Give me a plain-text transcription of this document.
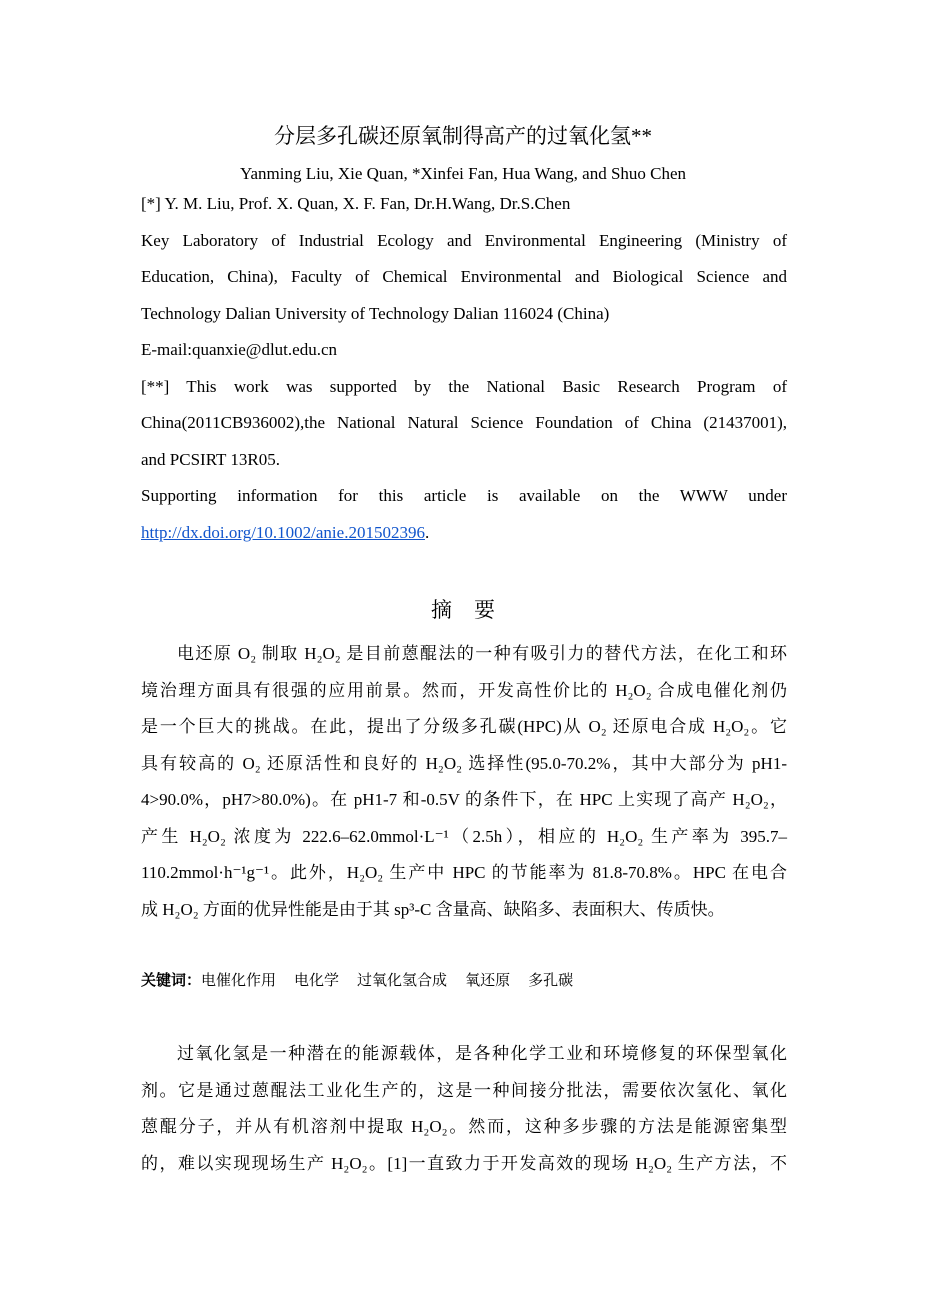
分层多孔碳还原氧制得高产的过氧化氢**
Yanming Liu, Xie Quan, *Xinfei Fan, Hua Wang, and Shuo Chen
[*] Y. M. Liu, Prof. X. Quan, X. F. Fan, Dr.H.Wang, Dr.S.Chen
Key Laboratory of Industrial Ecology and Environmental Engineering (Ministry of
Education, China), Faculty of Chemical Environmental and Biological Science and
Technology Dalian University of Technology Dalian 116024 (China)
E-mail:quanxie@dlut.edu.cn
[**] This work was supported by the National Basic Research Program of
China(2011CB936002),the National Natural Science Foundation of China (21437001),
and PCSIRT 13R05.
Supporting information for this article is available on the WWW under
http://dx.doi.org/10.1002/anie.201502396.
摘要
电还原 O₂ 制取 H₂O₂ 是目前蒽醌法的一种有吸引力的替代方法，在化工和环
境治理方面具有很强的应用前景。然而，开发高性价比的 H₂O₂ 合成电催化剂仍
是一个巨大的挑战。在此，提出了分级多孔碳(HPC)从 O₂ 还原电合成 H₂O₂。它
具有较高的 O₂ 还原活性和良好的 H₂O₂ 选择性(95.0-70.2%，其中大部分为 pH1-
4>90.0%，pH7>80.0%)。在 pH1-7 和-0.5V 的条件下，在 HPC 上实现了高产 H₂O₂，
产生 H₂O₂ 浓度为 222.6–62.0mmol·L⁻¹（2.5h），相应的 H₂O₂ 生产率为 395.7–
110.2mmol·h⁻¹g⁻¹。此外，H₂O₂ 生产中 HPC 的节能率为 81.8-70.8%。HPC 在电合
成 H₂O₂ 方面的优异性能是由于其 sp³-C 含量高、缺陷多、表面积大、传质快。
关键词：电催化作用 电化学 过氧化氢合成 氧还原 多孔碳
过氧化氢是一种潜在的能源载体，是各种化学工业和环境修复的环保型氧化
剂。它是通过蒽醌法工业化生产的，这是一种间接分批法，需要依次氢化、氧化
蒽醌分子，并从有机溶剂中提取 H₂O₂。然而，这种多步骤的方法是能源密集型
的，难以实现现场生产 H₂O₂。[1]一直致力于开发高效的现场 H₂O₂ 生产方法，不
